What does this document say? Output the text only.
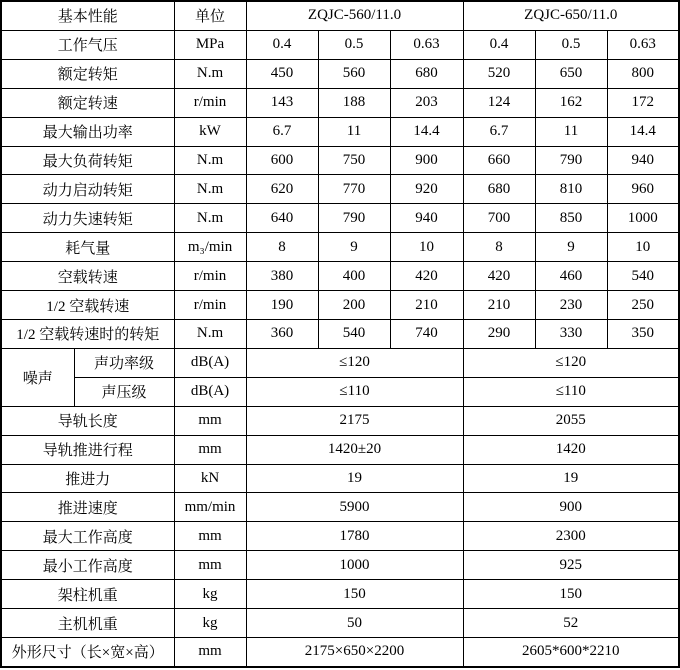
基本性能		单位	ZQJC-560/11.0			ZQJC-650/11.0		
工作气压		MPa	0.4	0.5	0.63	0.4	0.5	0.63
额定转矩		N.m	450	560	680	520	650	800
额定转速		r/min	143	188	203	124	162	172
最大输出功率		kW	6.7	11	14.4	6.7	11	14.4
最大负荷转矩		N.m	600	750	900	660	790	940
动力启动转矩		N.m	620	770	920	680	810	960
动力失速转矩		N.m	640	790	940	700	850	1000
耗气量		m₃/min	8	9	10	8	9	10
空载转速		r/min	380	400	420	420	460	540
1/2 空载转速		r/min	190	200	210	210	230	250
1/2 空载转速时的转矩		N.m	360	540	740	290	330	350
噪声	声功率级	dB(A)	≤120			≤120		
	声压级	dB(A)	≤110			≤110		
导轨长度		mm	2175			2055		
导轨推进行程		mm	1420±20			1420		
推进力		kN	19			19		
推进速度		mm/min	5900			900		
最大工作高度		mm	1780			2300		
最小工作高度		mm	1000			925		
架柱机重		kg	150			150		
主机机重		kg	50			52		
外形尺寸（长×宽×高）		mm	2175×650×2200			2605*600*2210		
